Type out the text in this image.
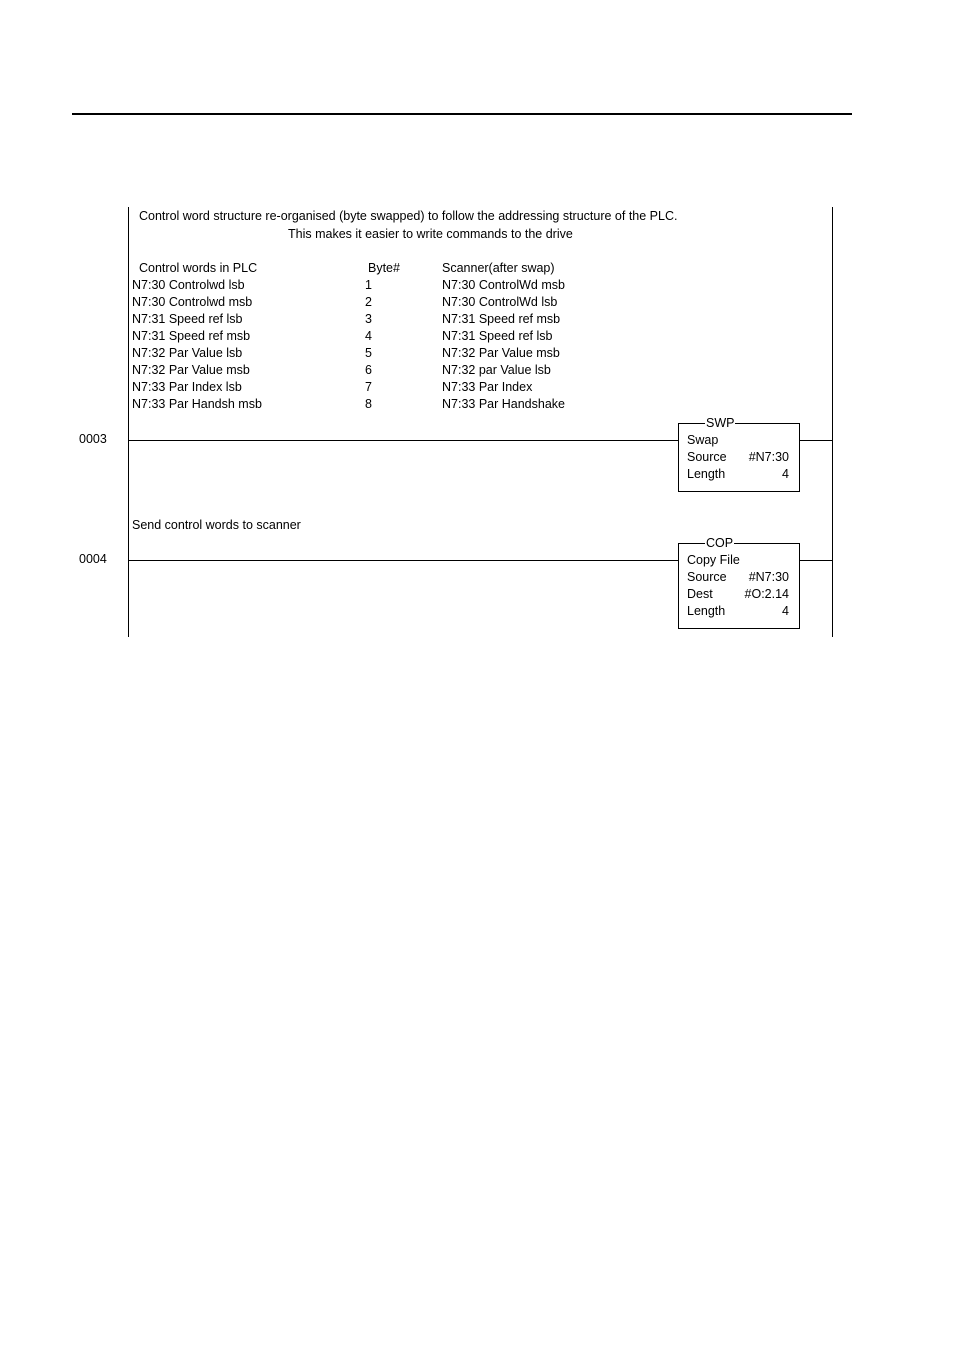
Control word structure re-organised (byte swapped) to follow the addressing structure of the PLC.
This makes it easier to write commands to the drive
Control words in PLC	Byte#	Scanner(after swap)
N7:30 Controlwd lsb	1	N7:30 ControlWd msb
N7:30 Controlwd msb	2	N7:30 ControlWd lsb
N7:31 Speed ref lsb	3	N7:31 Speed ref msb
N7:31 Speed ref msb	4	N7:31 Speed ref lsb
N7:32 Par Value lsb	5	N7:32 Par Value msb
N7:32 Par Value msb	6	N7:32 par Value lsb
N7:33 Par Index lsb	7	N7:33 Par Index
N7:33 Par Handsh msb	8	N7:33 Par Handshake
0003
SWP
Swap
Source #N7:30
Length	4
Send control words to scanner
0004
COP
Copy File
Source #N7:30
Dest	#O:2.14
Length	4
